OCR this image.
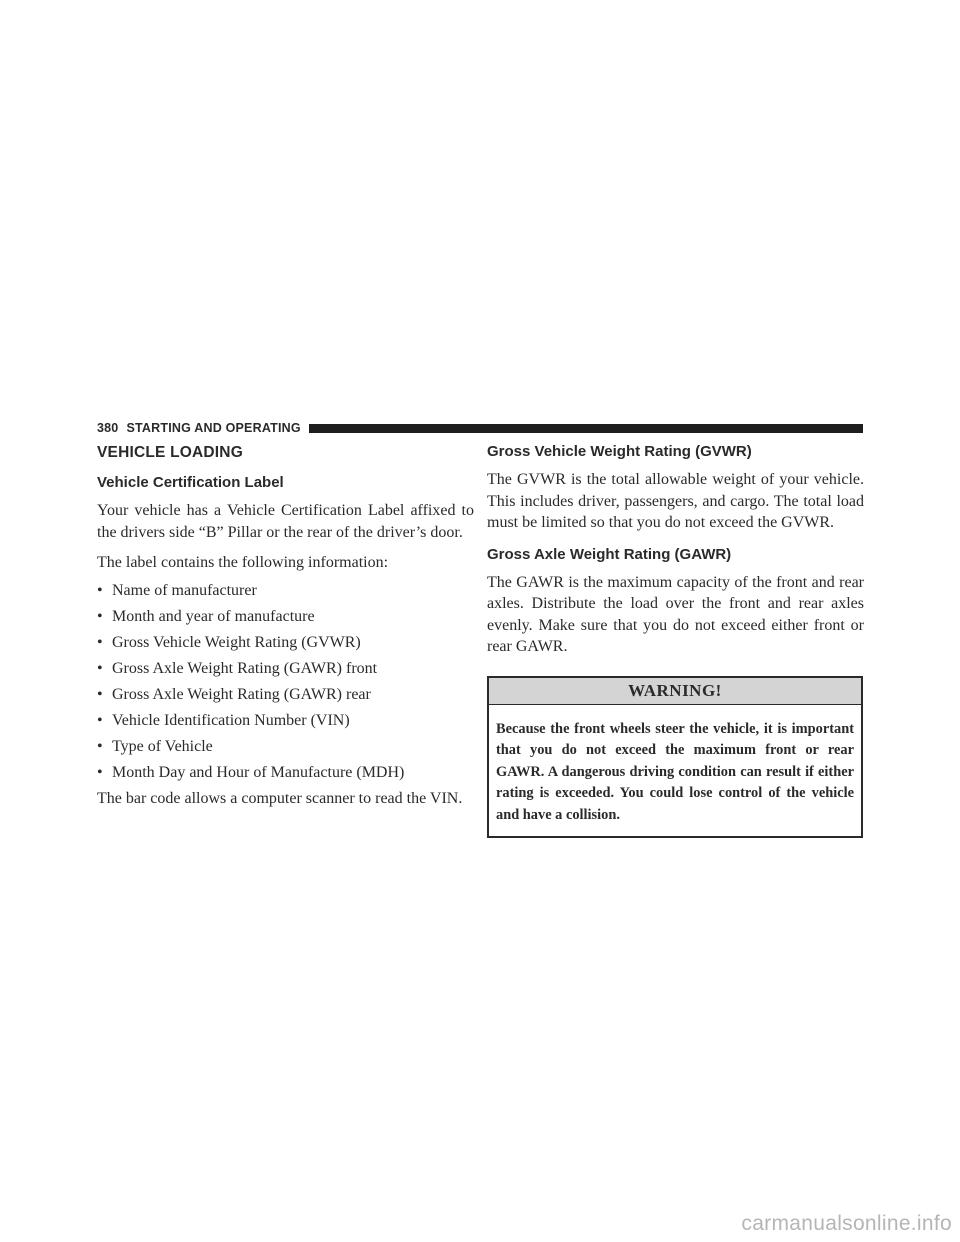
380 STARTING AND OPERATING
VEHICLE LOADING
Vehicle Certification Label

Your vehicle has a Vehicle Certification Label affixed to the drivers side “B” Pillar or the rear of the driver’s door.

The label contains the following information:

• Name of manufacturer
• Month and year of manufacture
• Gross Vehicle Weight Rating (GVWR)
• Gross Axle Weight Rating (GAWR) front
• Gross Axle Weight Rating (GAWR) rear
• Vehicle Identification Number (VIN)
• Type of Vehicle
• Month Day and Hour of Manufacture (MDH)

The bar code allows a computer scanner to read the VIN.

Gross Vehicle Weight Rating (GVWR)

The GVWR is the total allowable weight of your vehicle. This includes driver, passengers, and cargo. The total load must be limited so that you do not exceed the GVWR.

Gross Axle Weight Rating (GAWR)

The GAWR is the maximum capacity of the front and rear axles. Distribute the load over the front and rear axles evenly. Make sure that you do not exceed either front or rear GAWR.

WARNING!
Because the front wheels steer the vehicle, it is important that you do not exceed the maximum front or rear GAWR. A dangerous driving condition can result if either rating is exceeded. You could lose control of the vehicle and have a collision.
carmanualsonline.info
